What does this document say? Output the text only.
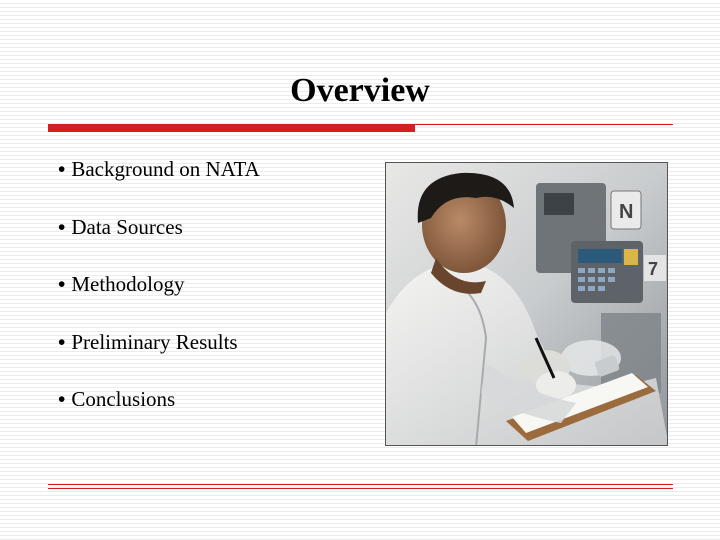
Overview
• Background on NATA
• Data Sources
• Methodology
• Preliminary Results
• Conclusions
N
7
